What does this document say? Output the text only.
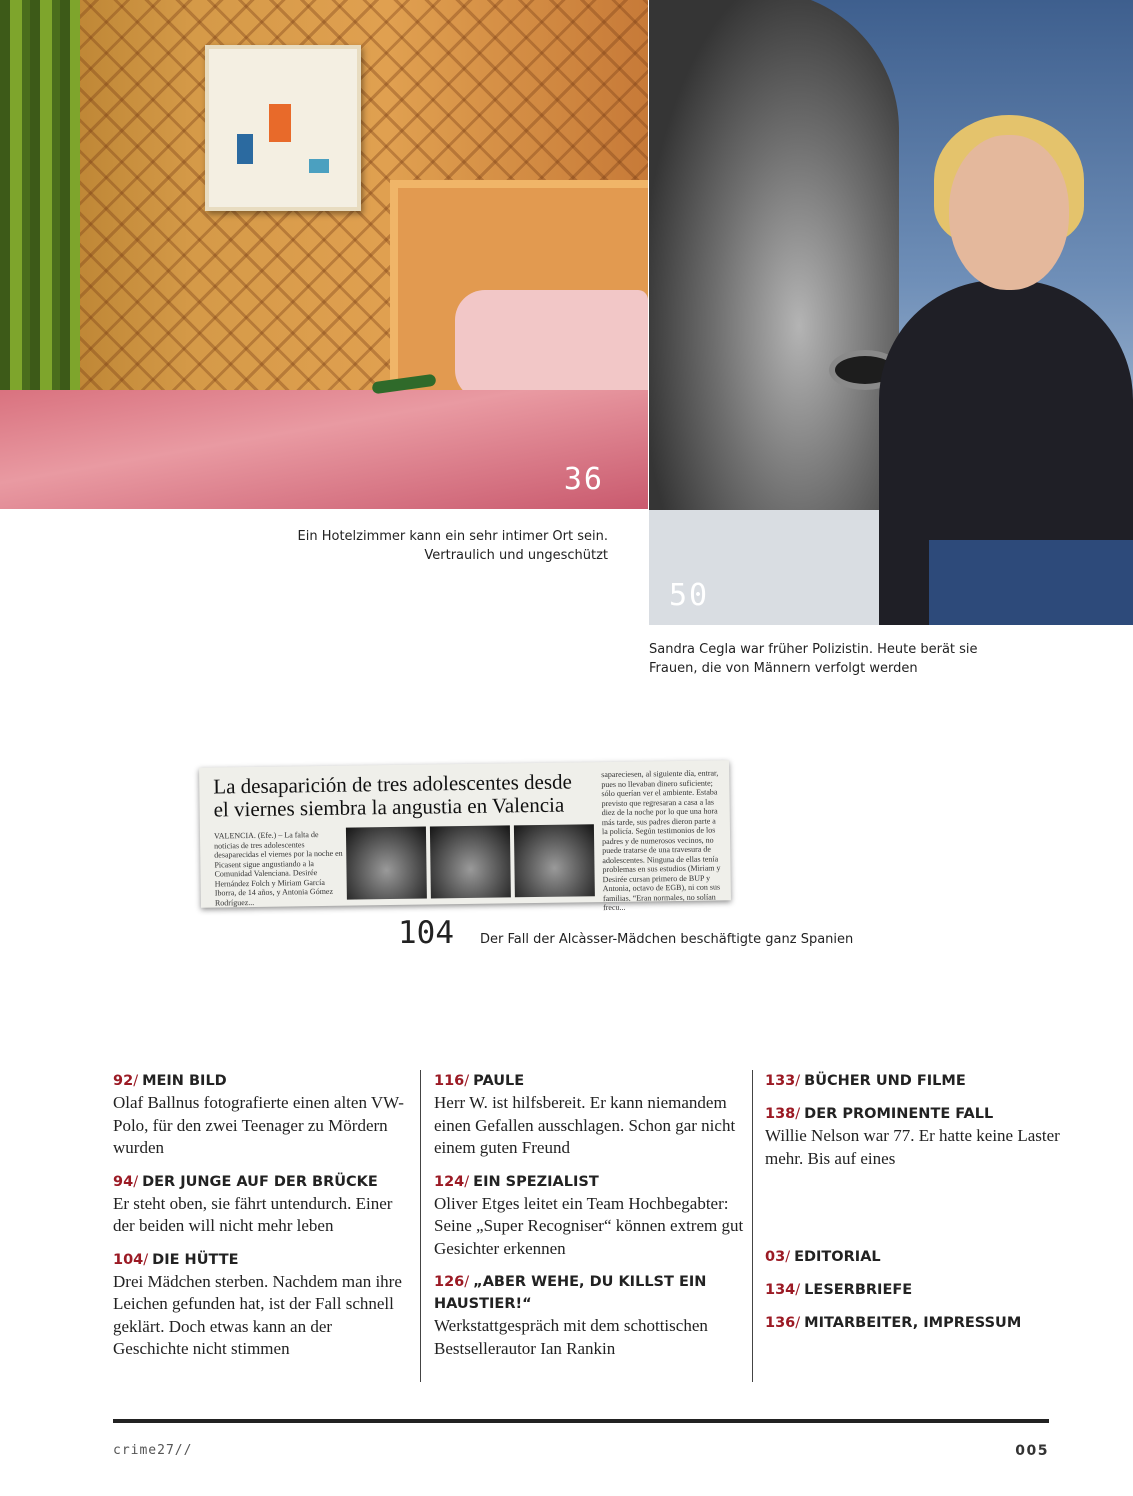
36
Ein Hotelzimmer kann ein sehr intimer Ort sein.
Vertraulich und ungeschützt
50
Sandra Cegla war früher Polizistin. Heute berät sie
Frauen, die von Männern verfolgt werden
La desaparición de tres adolescentes desde
el viernes siembra la angustia en Valencia
VALENCIA. (Efe.) – La falta de noticias de tres adolescentes desaparecidas el viernes por la noche en Picasent sigue angustiando a la Comunidad Valenciana. Desirée Hernández Folch y Miriam García Iborra, de 14 años, y Antonia Gómez Rodríguez...
sapareciesen, al siguiente día, entrar, pues no llevaban dinero suficiente; sólo querían ver el ambiente. Estaba previsto que regresaran a casa a las diez de la noche por lo que una hora más tarde, sus padres dieron parte a la policía. Según testimonios de los padres y de numerosos vecinos, no puede tratarse de una travesura de adolescentes. Ninguna de ellas tenía problemas en sus estudios (Miriam y Desirée cursan primero de BUP y Antonia, octavo de EGB), ni con sus familias. “Eran normales, no solían frecu...
104 Der Fall der Alcàsser-Mädchen beschäftigte ganz Spanien
92/ MEIN BILD
Olaf Ballnus fotografierte einen alten VW-Polo, für den zwei Teenager zu Mördern wurden
94/ DER JUNGE AUF DER BRÜCKE
Er steht oben, sie fährt untendurch. Einer der beiden will nicht mehr leben
104/ DIE HÜTTE
Drei Mädchen sterben. Nachdem man ihre Leichen gefunden hat, ist der Fall schnell geklärt. Doch etwas kann an der Geschichte nicht stimmen
116/ PAULE
Herr W. ist hilfsbereit. Er kann niemandem einen Gefallen ausschlagen. Schon gar nicht einem guten Freund
124/ EIN SPEZIALIST
Oliver Etges leitet ein Team Hochbegabter: Seine „Super Recogniser“ können extrem gut Gesichter erkennen
126/ „ABER WEHE, DU KILLST EIN HAUSTIER!“
Werkstattgespräch mit dem schottischen Bestsellerautor Ian Rankin
133/ BÜCHER UND FILME
138/ DER PROMINENTE FALL
Willie Nelson war 77. Er hatte keine Laster mehr. Bis auf eines
03/ EDITORIAL
134/ LESERBRIEFE
136/ MITARBEITER, IMPRESSUM
crime27//	005
